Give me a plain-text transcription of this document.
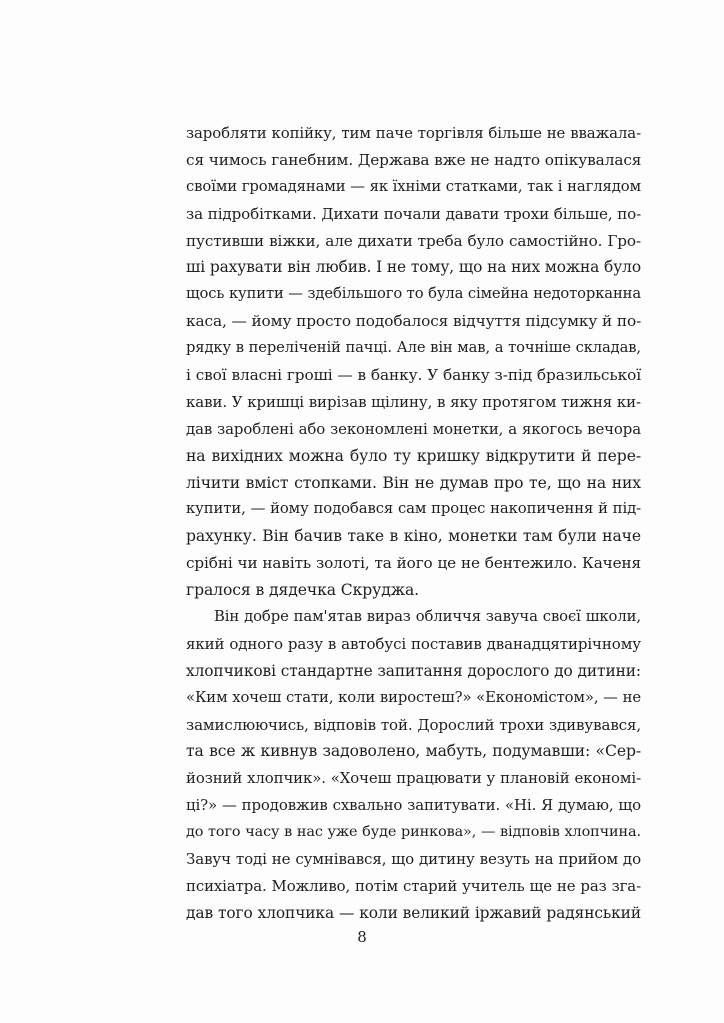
заробляти копійку, тим паче торгівля більше не вважала-
ся чимось ганебним. Держава вже не надто опікувалася
своїми громадянами — як їхніми статками, так і наглядом
за підробітками. Дихати почали давати трохи більше, по-
пустивши віжки, але дихати треба було самостійно. Гро-
ші рахувати він любив. І не тому, що на них можна було
щось купити — здебільшого то була сімейна недоторканна
каса, — йому просто подобалося відчуття підсумку й по-
рядку в переліченій пачці. Але він мав, а точніше складав,
і свої власні гроші — в банку. У банку з-під бразильської
кави. У кришці вирізав щілину, в яку протягом тижня ки-
дав зароблені або зекономлені монетки, а якогось вечора
на вихідних можна було ту кришку відкрутити й пере-
лічити вміст стопками. Він не думав про те, що на них
купити, — йому подобався сам процес накопичення й під-
рахунку. Він бачив таке в кіно, монетки там були наче
срібні чи навіть золоті, та його це не бентежило. Каченя
гралося в дядечка Скруджа.
Він добре пам'ятав вираз обличчя завуча своєї школи,
який одного разу в автобусі поставив дванадцятирічному
хлопчикові стандартне запитання дорослого до дитини:
«Ким хочеш стати, коли виростеш?» «Економістом», — не
замислюючись, відповів той. Дорослий трохи здивувався,
та все ж кивнув задоволено, мабуть, подумавши: «Сер-
йозний хлопчик». «Хочеш працювати у плановій економі-
ці?» — продовжив схвально запитувати. «Ні. Я думаю, що
до того часу в нас уже буде ринкова», — відповів хлопчина.
Завуч тоді не сумнівався, що дитину везуть на прийом до
психіатра. Можливо, потім старий учитель ще не раз зга-
дав того хлопчика — коли великий іржавий радянський
8
